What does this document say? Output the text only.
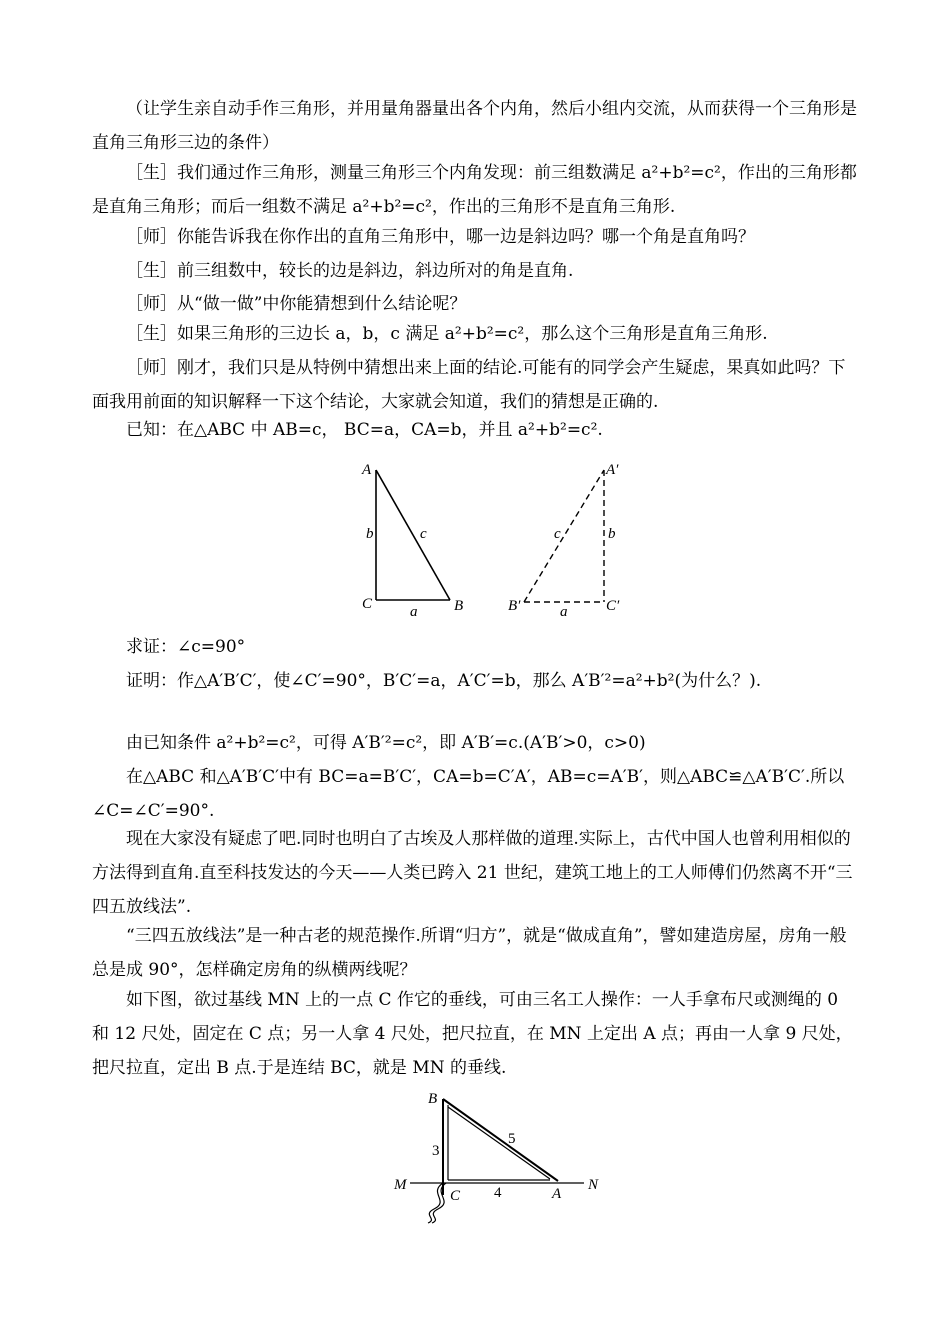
（让学生亲自动手作三角形，并用量角器量出各个内角，然后小组内交流，从而获得一个三角形是直角三角形三边的条件）

［生］我们通过作三角形，测量三角形三个内角发现：前三组数满足 a²+b²=c²，作出的三角形都是直角三角形；而后一组数不满足 a²+b²=c²，作出的三角形不是直角三角形.

［师］你能告诉我在你作出的直角三角形中，哪一边是斜边吗？哪一个角是直角吗？

［生］前三组数中，较长的边是斜边，斜边所对的角是直角.

［师］从“做一做”中你能猜想到什么结论呢？

［生］如果三角形的三边长 a，b，c 满足 a²+b²=c²，那么这个三角形是直角三角形.

［师］刚才，我们只是从特例中猜想出来上面的结论.可能有的同学会产生疑虑，果真如此吗？下面我用前面的知识解释一下这个结论，大家就会知道，我们的猜想是正确的.

已知：在△ABC 中 AB=c， BC=a，CA=b，并且 a²+b²=c².

A
C	B
b
a
c
A′
C′
B′
b
a
c

求证：∠c=90°

证明：作△A′B′C′，使∠C′=90°，B′C′=a，A′C′=b，那么 A′B′²=a²+b²(为什么？).

由已知条件 a²+b²=c²，可得 A′B′²=c²，即 A′B′=c.(A′B′>0，c>0)

在△ABC 和△A′B′C′中有 BC=a=B′C′，CA=b=C′A′，AB=c=A′B′，则△ABC≌△A′B′C′.所以∠C=∠C′=90°.

现在大家没有疑虑了吧.同时也明白了古埃及人那样做的道理.实际上，古代中国人也曾利用相似的方法得到直角.直至科技发达的今天——人类已跨入 21 世纪，建筑工地上的工人师傅们仍然离不开“三四五放线法”.

“三四五放线法”是一种古老的规范操作.所谓“归方”，就是“做成直角”，譬如建造房屋，房角一般总是成 90°，怎样确定房角的纵横两线呢？

如下图，欲过基线 MN 上的一点 C 作它的垂线，可由三名工人操作：一人手拿布尺或测绳的 0 和 12 尺处，固定在 C 点；另一人拿 4 尺处，把尺拉直，在 MN 上定出 A 点；再由一人拿 9 尺处，把尺拉直，定出 B 点.于是连结 BC，就是 MN 的垂线.

B
M
C	A
N
3
4
5
